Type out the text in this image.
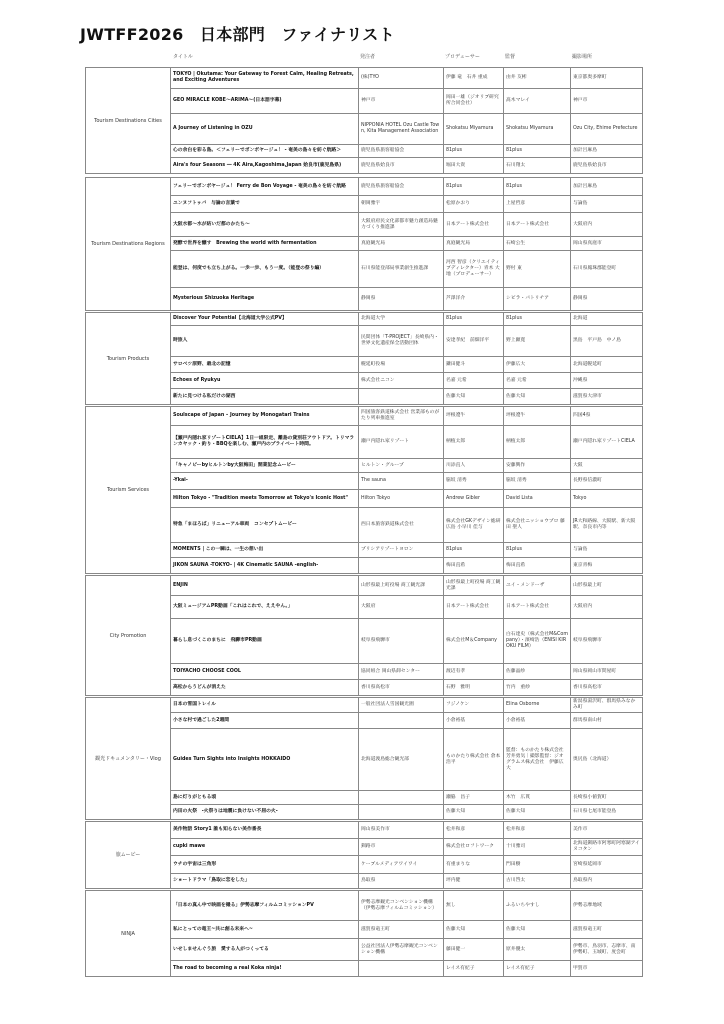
JWTFF2026　日本部門　ファイナリスト
タイトル	発注者	プロデューサー	監督	撮影場所
Tourism Destinations Cities	TOKYO | Okutama: Your Gateway to Forest Calm, Healing Retreats, and Exciting Adventures	(株)TYO	伊藤 竜　石井 重成	由井 友彬	東京都奥多摩町
	GEO MIRACLE KOBE〜ARIMA〜(日本語字幕)	神戸市	岡田一雄（ジオリブ研究所合同会社）	髙木マレイ	神戸市
	A Journey of Listening in OZU	NIPPONIA HOTEL Ozu Castle Town, Kita Management Association	Shokatsu Miyamura	Shokatsu Miyamura	Ozu City, Ehime Prefecture
	心の余白を彩る島。＜フェリーでボンボヤージュ！ - 奄美の島々を紡ぐ航路＞	鹿児島県旅客船協会	81plus	81plus	加計呂麻島
	Aira's four Seasons ― 4K Aira,Kagoshima,Japan 姶良市(鹿児島県)	鹿児島県姶良市	堀田大貴	石川翔太	鹿児島県姶良市

Tourism Destinations Regions	フェリーでボンボヤージュ！ Ferry de Bon Voyage - 奄美の島々を紡ぐ航路	鹿児島県旅客船協会	81plus	81plus	加計呂麻島
	ユンヌフトゥバ　与論の言葉で	朝岡雅宇	松原かおり	上屋哲彦	与論島
	大阪水都〜水が紡いだ都のかたち〜	大阪府府民文化部都市魅力創造局魅力づくり推進課	日本アート株式会社	日本アート株式会社	大阪府内
	発酵で世界を醸す　Brewing the world with fermentation	真庭観光局	真庭観光局	石崎公生	岡山県真庭市
	能登は、何度でも立ち上がる。一歩一歩、もう一度。（能登の祭り編）	石川県能登部局事業創生推進課	河西 智彦（クリエイティブディレクター）青木 大地（プロデューサー）	野村 東	石川県鳳珠郡能登町
	Mysterious Shizuoka Heritage	静岡県	芦澤洋介	シビラ・パトリチア	静岡県

Tourism Products	Discover Your Potential【北海道大学公式PV】	北海道大学	81plus	81plus	北海道
	時旅人	民間団体「T-PROJECT」長崎県内・世界文化遺産保全活動団体	安達孝紀　前畑洋平	野上顕寛	黒島　平戸島　中ノ島
	サロベツ原野、最北の記憶	幌延町役場	鎌田健斗	伊藤広大	北海道幌延町
	Echoes of Ryukyu	株式会社ニコン	名嘉 元希	名嘉 元希	沖縄県
	新たに見つける私だけの湖西		佐藤大知	佐藤大知	滋賀県大津市

Tourism Services	Soulscape of Japan – Journey by Monogatari Trains	四国旅客鉄道株式会社 営業部ものがたり列車推進室	坪根遼牛	坪根遼牛	四国4県
	【瀬戸内隠れ家リゾートCIELA】1日一組限定、離島の貸別荘アウトドア。トリマランカヤック・釣り・BBQを楽しむ、瀬戸内のプライベート時間。	瀬戸内隠れ家リゾート	柄植太郎	柄植太郎	瀬戸内隠れ家リゾートCIELA
	「キャノピーbyヒルトンby大阪梅田」開業記念ムービー	ヒルトン・グループ	川添直人	安藤興作	大阪
	-Ykai-	The sauna	脇坂 清秀	脇坂 清秀	長野県信濃町
	Hilton Tokyo - "Tradition meets Tomorrow at Tokyo's Iconic Host"	Hilton Tokyo	Andrew Gibler	David Lista	Tokyo
	特急「まほろば」リニューアル車両　コンセプトムービー	西日本旅客鉄道株式会社	株式会社GKデザイン総研広島 小早川 佳与	株式会社ニッショウプロ 藤田 聖人	JR大和路線、大阪駅、新大阪駅、奈良市内等
	MOMENTS | この一瞬は、一生の想い出	プリシアリゾートヨロン	81plus	81plus	与論島
	JIKON SAUNA -TOKYO- | 4K Cinematic SAUNA -english-		梅田直希	梅田直希	東京青梅

City Promotion	ENJIN	山形県最上町役場 商工観光課	山形県最上町役場 商工観光課	ユイ・メンドーザ	山形県最上町
	大阪ミュージアムPR動画「これはこれで、ええやん。」	大阪府	日本アート株式会社	日本アート株式会社	大阪府内
	暮らし息づくこのまちに　飛騨市PR動画	岐阜県飛騨市	株式会社M＆Company	白石達史（株式会社M&Company）・濱崎浩（ENISI KIROKU FILM）	岐阜県飛騨市
	TOIYACHO CHOOSE COOL	協同組合 岡山県卸センター	渡辺有孝	佐藤晶紗	岡山県岡山市問屋町
	高松からうどんが消えた	香川県高松市	石野　雅明	竹内　重紗	香川県高松市

観光ドキュメンタリー・Vlog	日本の雪国トレイル	一般社団法人雪国観光圏	フジノケン	Elina Osborne	新潟県湯沢町、群馬県みなかみ町
	小さな村で過ごした2週間		小倉裕基	小倉裕基	群馬県南山村
	Guides Turn Sights into Insights HOKKAIDO	北海道渡島総合観光部	ものかたり株式会社 倉本浩平	監督：ものかたり株式会社 芳井勇気｜撮影監督：ジオグラムス株式会社　伊藤広大	奥尻島（北海道）
	島に灯りがともる頃		瀬脇　昌子	木竹　広貫	長崎県小値賀町
	内田の火祭　-火祭りは地震に負けない不屈の火-		佐藤大知	佐藤大知	石川県七尾市能登島

旅ムービー	美作物語 Story1 誰も知らない美作番長	岡山県美作市	松井和彦	松井和彦	美作市
	cupki mawe	釧路市	株式会社ロフトワーク	十川雅司	北海道釧路市阿寒町阿寒湖アイヌコタン
	ウチの宇宙は三角形	ケーブルメディアワイワイ	有重まりな	門田樹	宮崎県延岡市
	ショートドラマ「鳥取に恋をした」	鳥取県	坪内健	古川啓太	鳥取県内

NINJA	「日本の真ん中で映画を撮る」伊勢志摩フィルムコミッションPV	伊勢志摩観光コンベンション機構（伊勢志摩フィルムコミッション）	無し	ふるいちやすし	伊勢志摩地域
	私にとっての竜王~共に創る未来へ~	滋賀県竜王町	佐藤大知	佐藤大知	滋賀県竜王町
	いせしませんぐう旅　愛する人がつくってる	公益社団法人伊勢志摩観光コンベンション機構	藤田健一	原井優太	伊勢市、鳥羽市、志摩市、南伊勢町、玉城町、度会町
	The road to becoming a real Koka ninja!		レイス有紀子	レイス有紀子	甲賀市
